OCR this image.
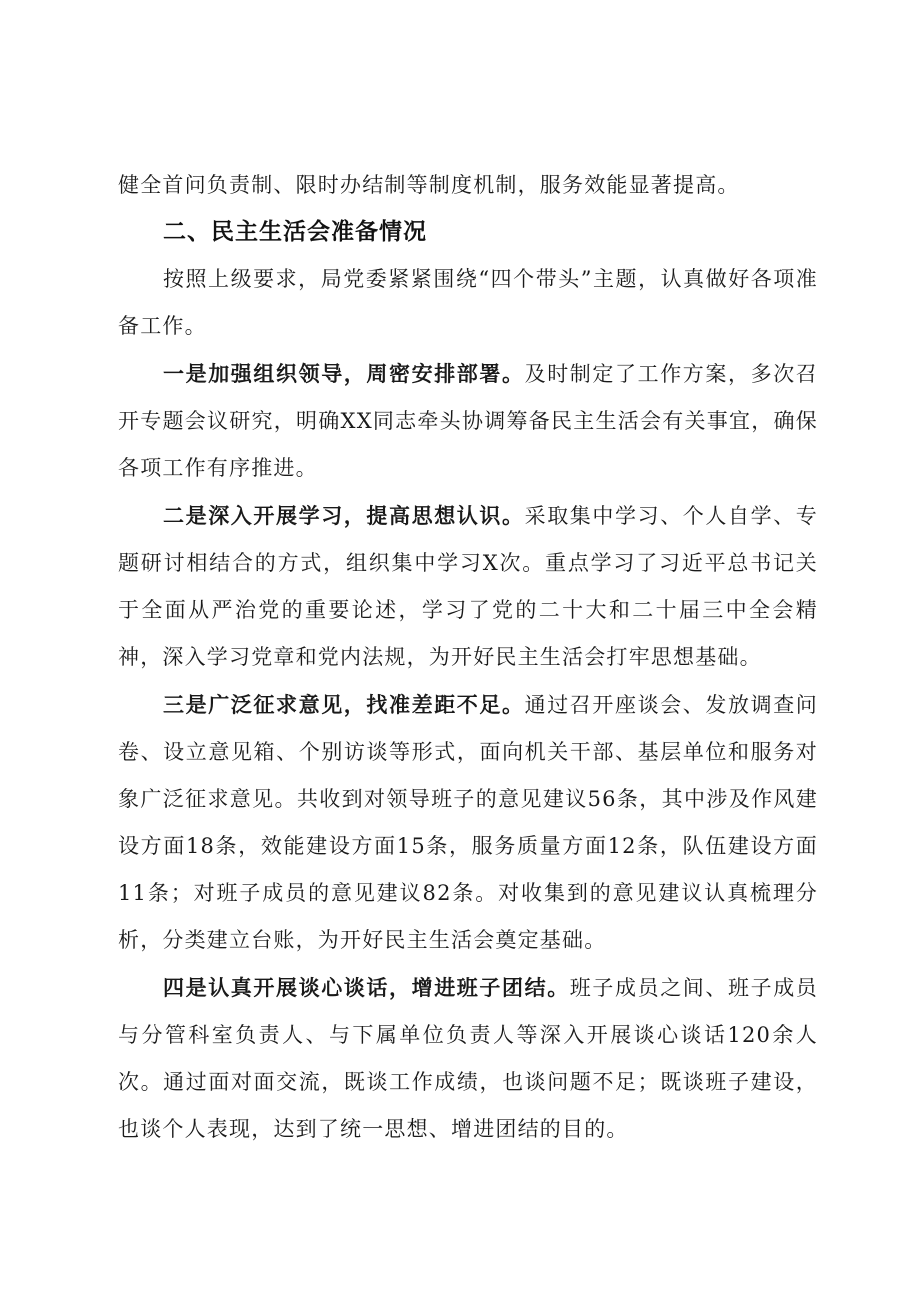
健全首问负责制、限时办结制等制度机制，服务效能显著提高。
二、民主生活会准备情况

按照上级要求，局党委紧紧围绕“四个带头”主题，认真做好各项准备工作。

一是加强组织领导，周密安排部署。及时制定了工作方案，多次召开专题会议研究，明确XX同志牵头协调筹备民主生活会有关事宜，确保各项工作有序推进。

二是深入开展学习，提高思想认识。采取集中学习、个人自学、专题研讨相结合的方式，组织集中学习X次。重点学习了习近平总书记关于全面从严治党的重要论述，学习了党的二十大和二十届三中全会精神，深入学习党章和党内法规，为开好民主生活会打牢思想基础。

三是广泛征求意见，找准差距不足。通过召开座谈会、发放调查问卷、设立意见箱、个别访谈等形式，面向机关干部、基层单位和服务对象广泛征求意见。共收到对领导班子的意见建议56条，其中涉及作风建设方面18条，效能建设方面15条，服务质量方面12条，队伍建设方面11条；对班子成员的意见建议82条。对收集到的意见建议认真梳理分析，分类建立台账，为开好民主生活会奠定基础。

四是认真开展谈心谈话，增进班子团结。班子成员之间、班子成员与分管科室负责人、与下属单位负责人等深入开展谈心谈话120余人次。通过面对面交流，既谈工作成绩，也谈问题不足；既谈班子建设，也谈个人表现，达到了统一思想、增进团结的目的。
